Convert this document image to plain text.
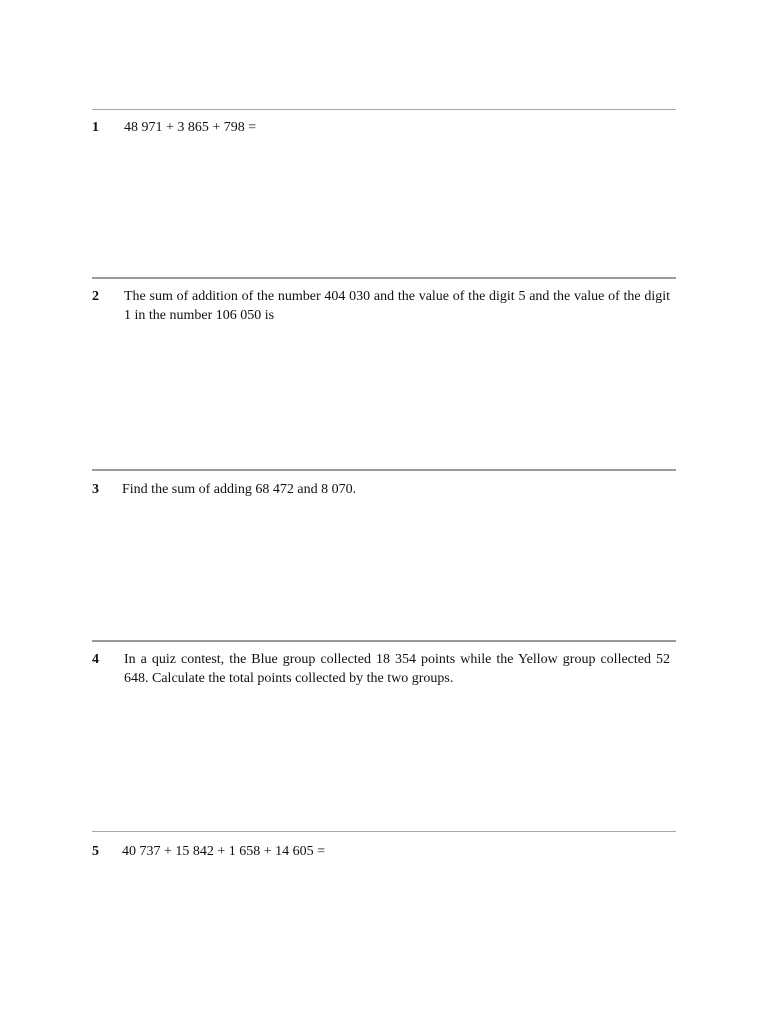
1 48 971 + 3 865 + 798 =
2 The sum of addition of the number 404 030 and the value of the digit 5 and the value of the digit 1 in the number 106 050 is
3 Find the sum of adding 68 472 and 8 070.
4 In a quiz contest, the Blue group collected 18 354 points while the Yellow group collected 52 648. Calculate the total points collected by the two groups.
5 40 737 + 15 842 + 1 658 + 14 605 =
